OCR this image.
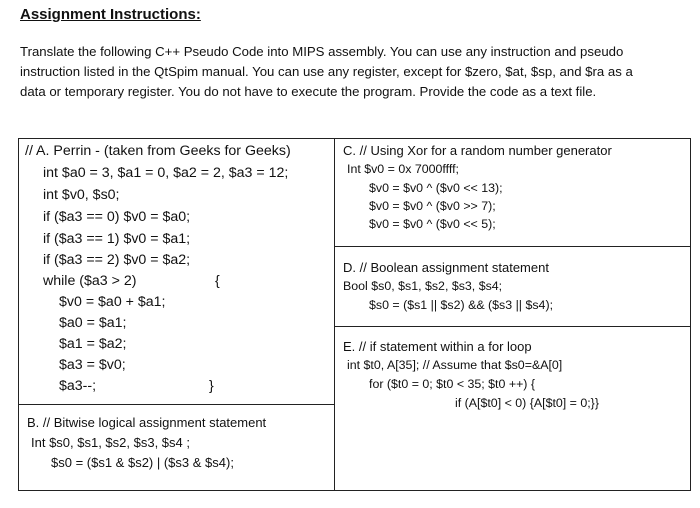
Assignment Instructions:
Translate the following C++ Pseudo Code into MIPS assembly. You can use any instruction and pseudo
instruction listed in the QtSpim manual. You can use any register, except for $zero, $at, $sp, and $ra as a
data or temporary register. You do not have to execute the program. Provide the code as a text file.
// A. Perrin - (taken from Geeks for Geeks)
int $a0 = 3, $a1 = 0, $a2 = 2, $a3 = 12;
int $v0, $s0;
if ($a3 == 0) $v0 = $a0;
if ($a3 == 1) $v0 = $a1;
if ($a3 == 2) $v0 = $a2;
while ($a3 > 2)	{
$v0 = $a0 + $a1;
$a0 = $a1;
$a1 = $a2;
$a3 = $v0;
$a3--;	}
B. // Bitwise logical assignment statement
Int $s0, $s1, $s2, $s3, $s4 ;
$s0 = ($s1 & $s2) | ($s3 & $s4);
C. // Using Xor for a random number generator
Int $v0 = 0x 7000ffff;
$v0 = $v0 ^ ($v0 << 13);
$v0 = $v0 ^ ($v0 >> 7);
$v0 = $v0 ^ ($v0 << 5);
D. // Boolean assignment statement
Bool $s0, $s1, $s2, $s3, $s4;
$s0 = ($s1 || $s2) && ($s3 || $s4);
E. // if statement within a for loop
int $t0, A[35]; // Assume that $s0=&A[0]
for ($t0 = 0; $t0 < 35; $t0 ++) {
if (A[$t0] < 0) {A[$t0] = 0;}}
